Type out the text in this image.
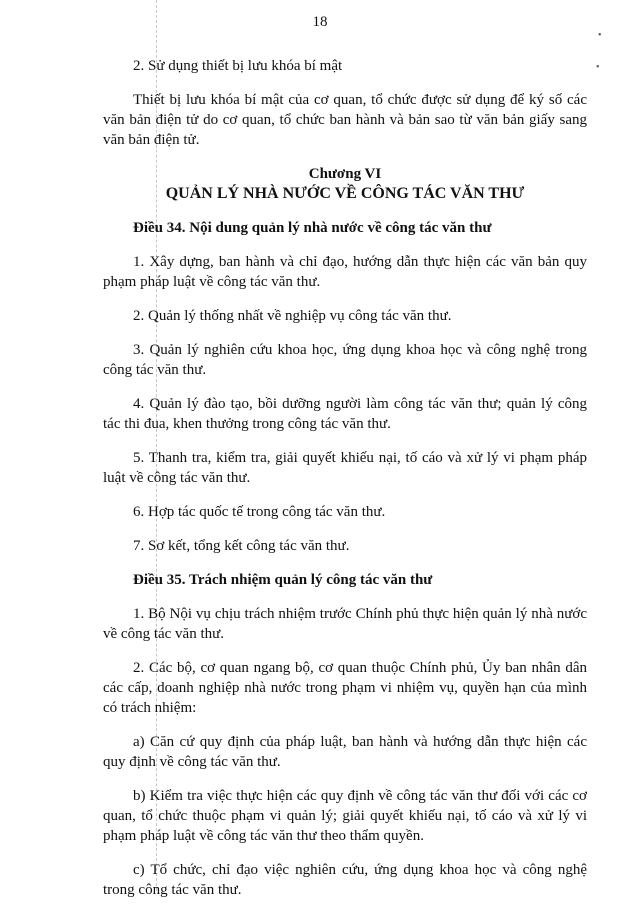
•
•
18

2. Sử dụng thiết bị lưu khóa bí mật

Thiết bị lưu khóa bí mật của cơ quan, tổ chức được sử dụng để ký số các văn bản điện tử do cơ quan, tổ chức ban hành và bản sao từ văn bản giấy sang văn bản điện tử.

Chương VI
QUẢN LÝ NHÀ NƯỚC VỀ CÔNG TÁC VĂN THƯ

Điều 34. Nội dung quản lý nhà nước về công tác văn thư

1. Xây dựng, ban hành và chỉ đạo, hướng dẫn thực hiện các văn bản quy phạm pháp luật về công tác văn thư.

2. Quản lý thống nhất về nghiệp vụ công tác văn thư.

3. Quản lý nghiên cứu khoa học, ứng dụng khoa học và công nghệ trong công tác văn thư.

4. Quản lý đào tạo, bồi dưỡng người làm công tác văn thư; quản lý công tác thi đua, khen thưởng trong công tác văn thư.

5. Thanh tra, kiểm tra, giải quyết khiếu nại, tố cáo và xử lý vi phạm pháp luật về công tác văn thư.

6. Hợp tác quốc tế trong công tác văn thư.

7. Sơ kết, tổng kết công tác văn thư.

Điều 35. Trách nhiệm quản lý công tác văn thư

1. Bộ Nội vụ chịu trách nhiệm trước Chính phủ thực hiện quản lý nhà nước về công tác văn thư.

2. Các bộ, cơ quan ngang bộ, cơ quan thuộc Chính phủ, Ủy ban nhân dân các cấp, doanh nghiệp nhà nước trong phạm vi nhiệm vụ, quyền hạn của mình có trách nhiệm:

a) Căn cứ quy định của pháp luật, ban hành và hướng dẫn thực hiện các quy định về công tác văn thư.

b) Kiểm tra việc thực hiện các quy định về công tác văn thư đối với các cơ quan, tổ chức thuộc phạm vi quản lý; giải quyết khiếu nại, tố cáo và xử lý vi phạm pháp luật về công tác văn thư theo thẩm quyền.

c) Tổ chức, chỉ đạo việc nghiên cứu, ứng dụng khoa học và công nghệ trong công tác văn thư.
